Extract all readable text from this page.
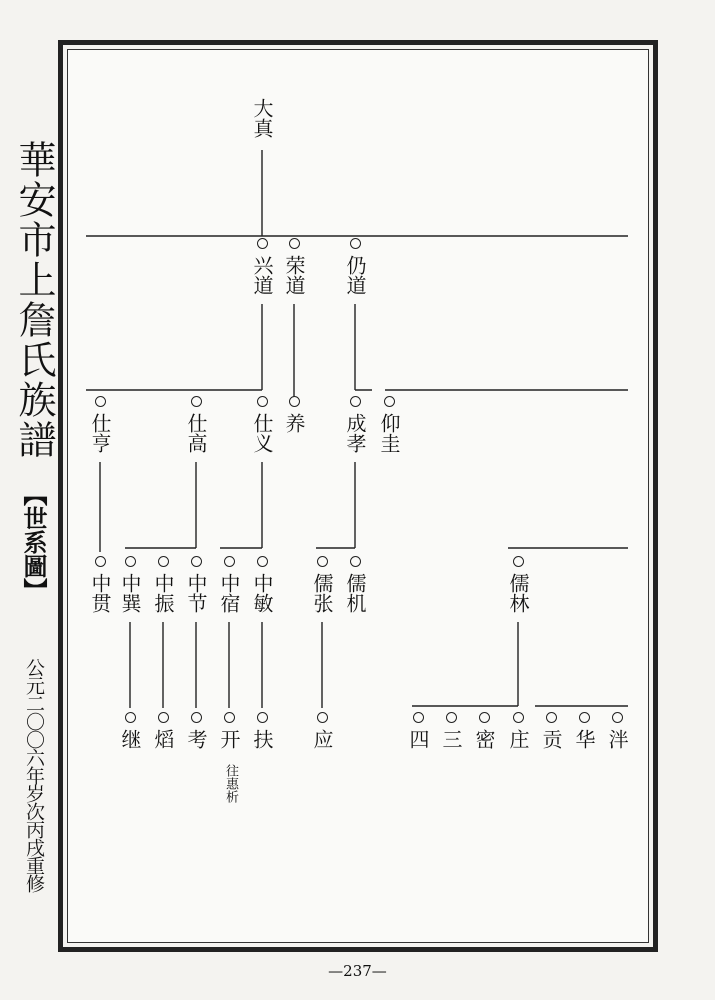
華安市上詹氏族譜
【世系圖】
公元二〇〇六年岁次丙戌重修
—237—
大真
兴道 荣道 仍道
仕亨	仕高 仕义 养 成孝 仰圭
中贯 中巽 中振 中节 中宿 中敏 儒张 儒机	儒林
继 熖 考 开 扶 应	四 三 密 庄 贡 华 泮
往惠析
